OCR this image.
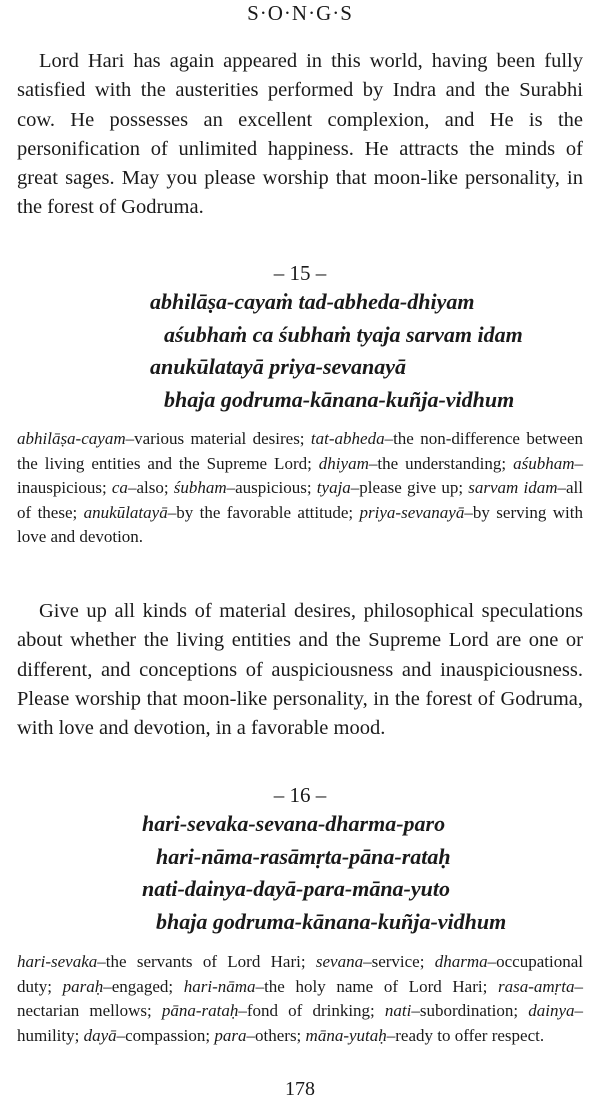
S·O·N·G·S

Lord Hari has again appeared in this world, having been fully satisfied with the austerities performed by Indra and the Surabhi cow. He possesses an excellent complexion, and He is the personification of unlimited happiness. He attracts the minds of great sages. May you please worship that moon-like personality, in the forest of Godruma.

– 15 –
abhilāṣa-cayaṁ tad-abheda-dhiyam
aśubhaṁ ca śubhaṁ tyaja sarvam idam
anukūlatayā priya-sevanayā
bhaja godruma-kānana-kuñja-vidhum

abhilāṣa-cayam–various material desires; tat-abheda–the non-difference between the living entities and the Supreme Lord; dhiyam–the understanding; aśubham–inauspicious; ca–also; śubham–auspicious; tyaja–please give up; sarvam idam–all of these; anukūlatayā–by the favorable attitude; priya-sevanayā–by serving with love and devotion.

Give up all kinds of material desires, philosophical speculations about whether the living entities and the Supreme Lord are one or different, and conceptions of auspiciousness and inauspiciousness. Please worship that moon-like personality, in the forest of Godruma, with love and devotion, in a favorable mood.

– 16 –
hari-sevaka-sevana-dharma-paro
hari-nāma-rasāmṛta-pāna-rataḥ
nati-dainya-dayā-para-māna-yuto
bhaja godruma-kānana-kuñja-vidhum

hari-sevaka–the servants of Lord Hari; sevana–service; dharma–occupational duty; paraḥ–engaged; hari-nāma–the holy name of Lord Hari; rasa-amṛta–nectarian mellows; pāna-rataḥ–fond of drinking; nati–subordination; dainya–humility; dayā–compassion; para–others; māna-yutaḥ–ready to offer respect.

178
